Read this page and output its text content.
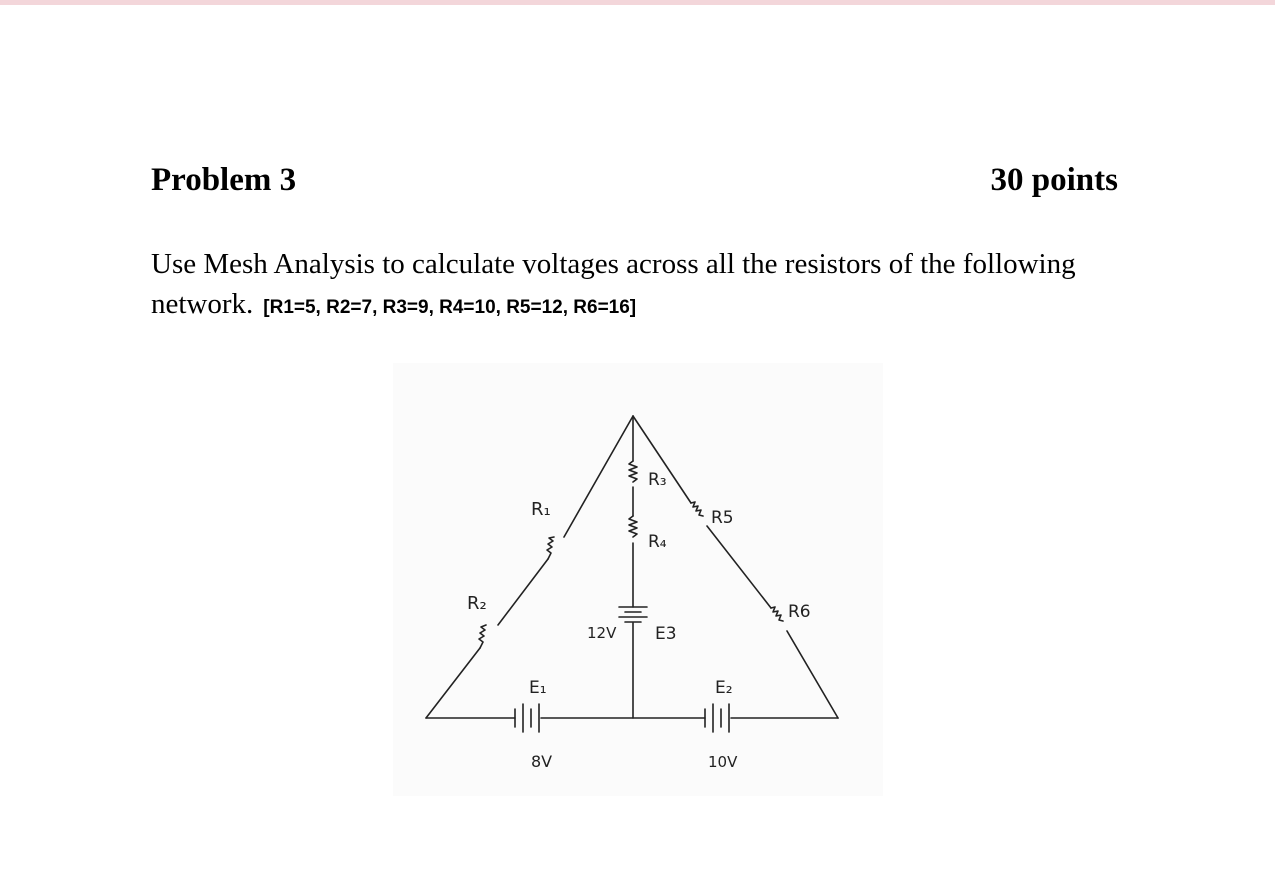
Problem 3	30 points
Use Mesh Analysis to calculate voltages across all the resistors of the following network. [R1=5, R2=7, R3=9, R4=10, R5=12, R6=16]
R₁
R₂
R₃
R₄
R5
R6
E3
12V
E₁	E₂
8V	10V
